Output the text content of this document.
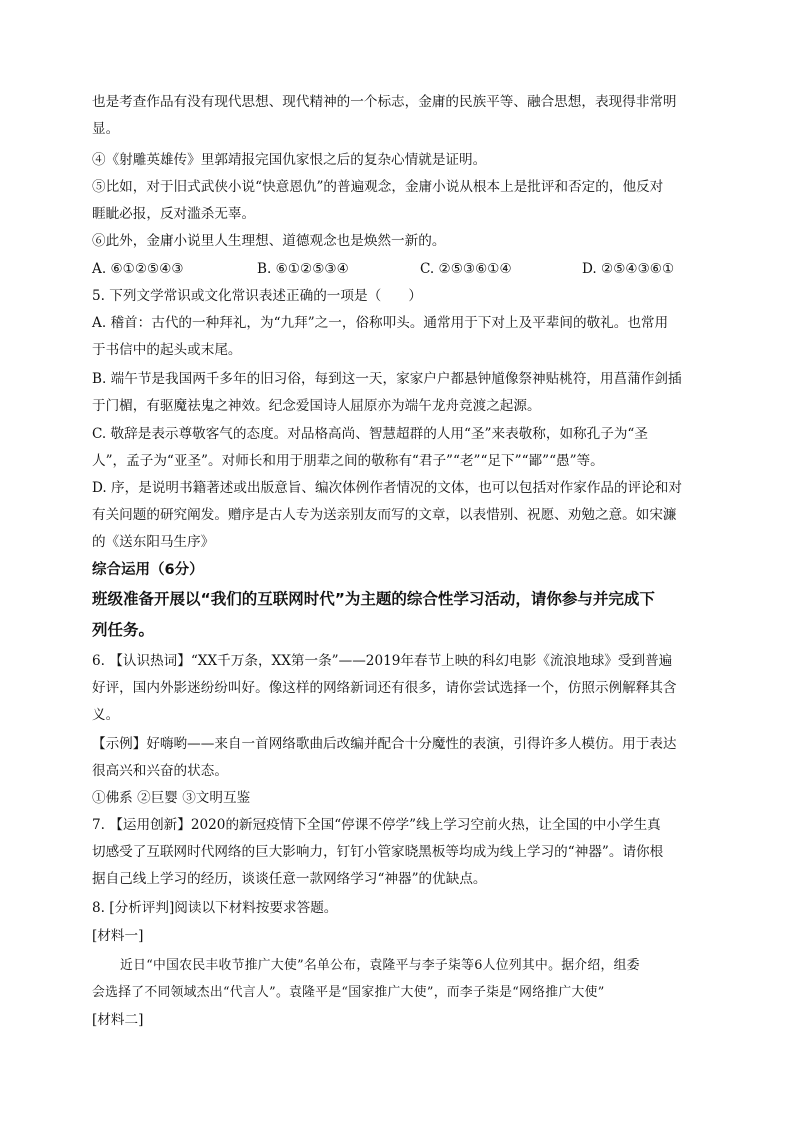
也是考查作品有没有现代思想、现代精神的一个标志，金庸的民族平等、融合思想，表现得非常明
显。
④《射雕英雄传》里郭靖报完国仇家恨之后的复杂心情就是证明。
⑤比如，对于旧式武侠小说“快意恩仇”的普遍观念，金庸小说从根本上是批评和否定的，他反对
睚眦必报，反对滥杀无辜。
⑥此外，金庸小说里人生理想、道德观念也是焕然一新的。
A. ⑥①②⑤④③	B. ⑥①②⑤③④	C. ②⑤③⑥①④	D. ②⑤④③⑥①
5. 下列文学常识或文化常识表述正确的一项是（　　）
A. 稽首：古代的一种拜礼，为“九拜”之一，俗称叩头。通常用于下对上及平辈间的敬礼。也常用
于书信中的起头或末尾。
B. 端午节是我国两千多年的旧习俗，每到这一天，家家户户都悬钟馗像祭神贴桃符，用菖蒲作剑插
于门楣，有驱魔祛鬼之神效。纪念爱国诗人屈原亦为端午龙舟竞渡之起源。
C. 敬辞是表示尊敬客气的态度。对品格高尚、智慧超群的人用“圣”来表敬称，如称孔子为“圣
人”，孟子为“亚圣”。对师长和用于朋辈之间的敬称有“君子”“老”“足下”“鄙”“愚”等。
D. 序，是说明书籍著述或出版意旨、编次体例作者情况的文体，也可以包括对作家作品的评论和对
有关问题的研究阐发。赠序是古人专为送亲别友而写的文章，以表惜别、祝愿、劝勉之意。如宋濂
的《送东阳马生序》
综合运用（6分）
班级准备开展以“我们的互联网时代”为主题的综合性学习活动，请你参与并完成下
列任务。
6. 【认识热词】“XX千万条，XX第一条”——2019年春节上映的科幻电影《流浪地球》受到普遍
好评，国内外影迷纷纷叫好。像这样的网络新词还有很多，请你尝试选择一个，仿照示例解释其含
义。
【示例】好嗨哟——来自一首网络歌曲后改编并配合十分魔性的表演，引得许多人模仿。用于表达
很高兴和兴奋的状态。
①佛系 ②巨婴 ③文明互鉴
7. 【运用创新】2020的新冠疫情下全国“停课不停学”线上学习空前火热，让全国的中小学生真
切感受了互联网时代网络的巨大影响力，钉钉小管家晓黑板等均成为线上学习的“神器”。请你根
据自己线上学习的经历，谈谈任意一款网络学习“神器”的优缺点。
8. [分析评判]阅读以下材料按要求答题。
[材料一]
近日“中国农民丰收节推广大使”名单公布，袁隆平与李子柒等6人位列其中。据介绍，组委
会选择了不同领域杰出“代言人”。袁隆平是“国家推广大使”，而李子柒是“网络推广大使”
[材料二]
